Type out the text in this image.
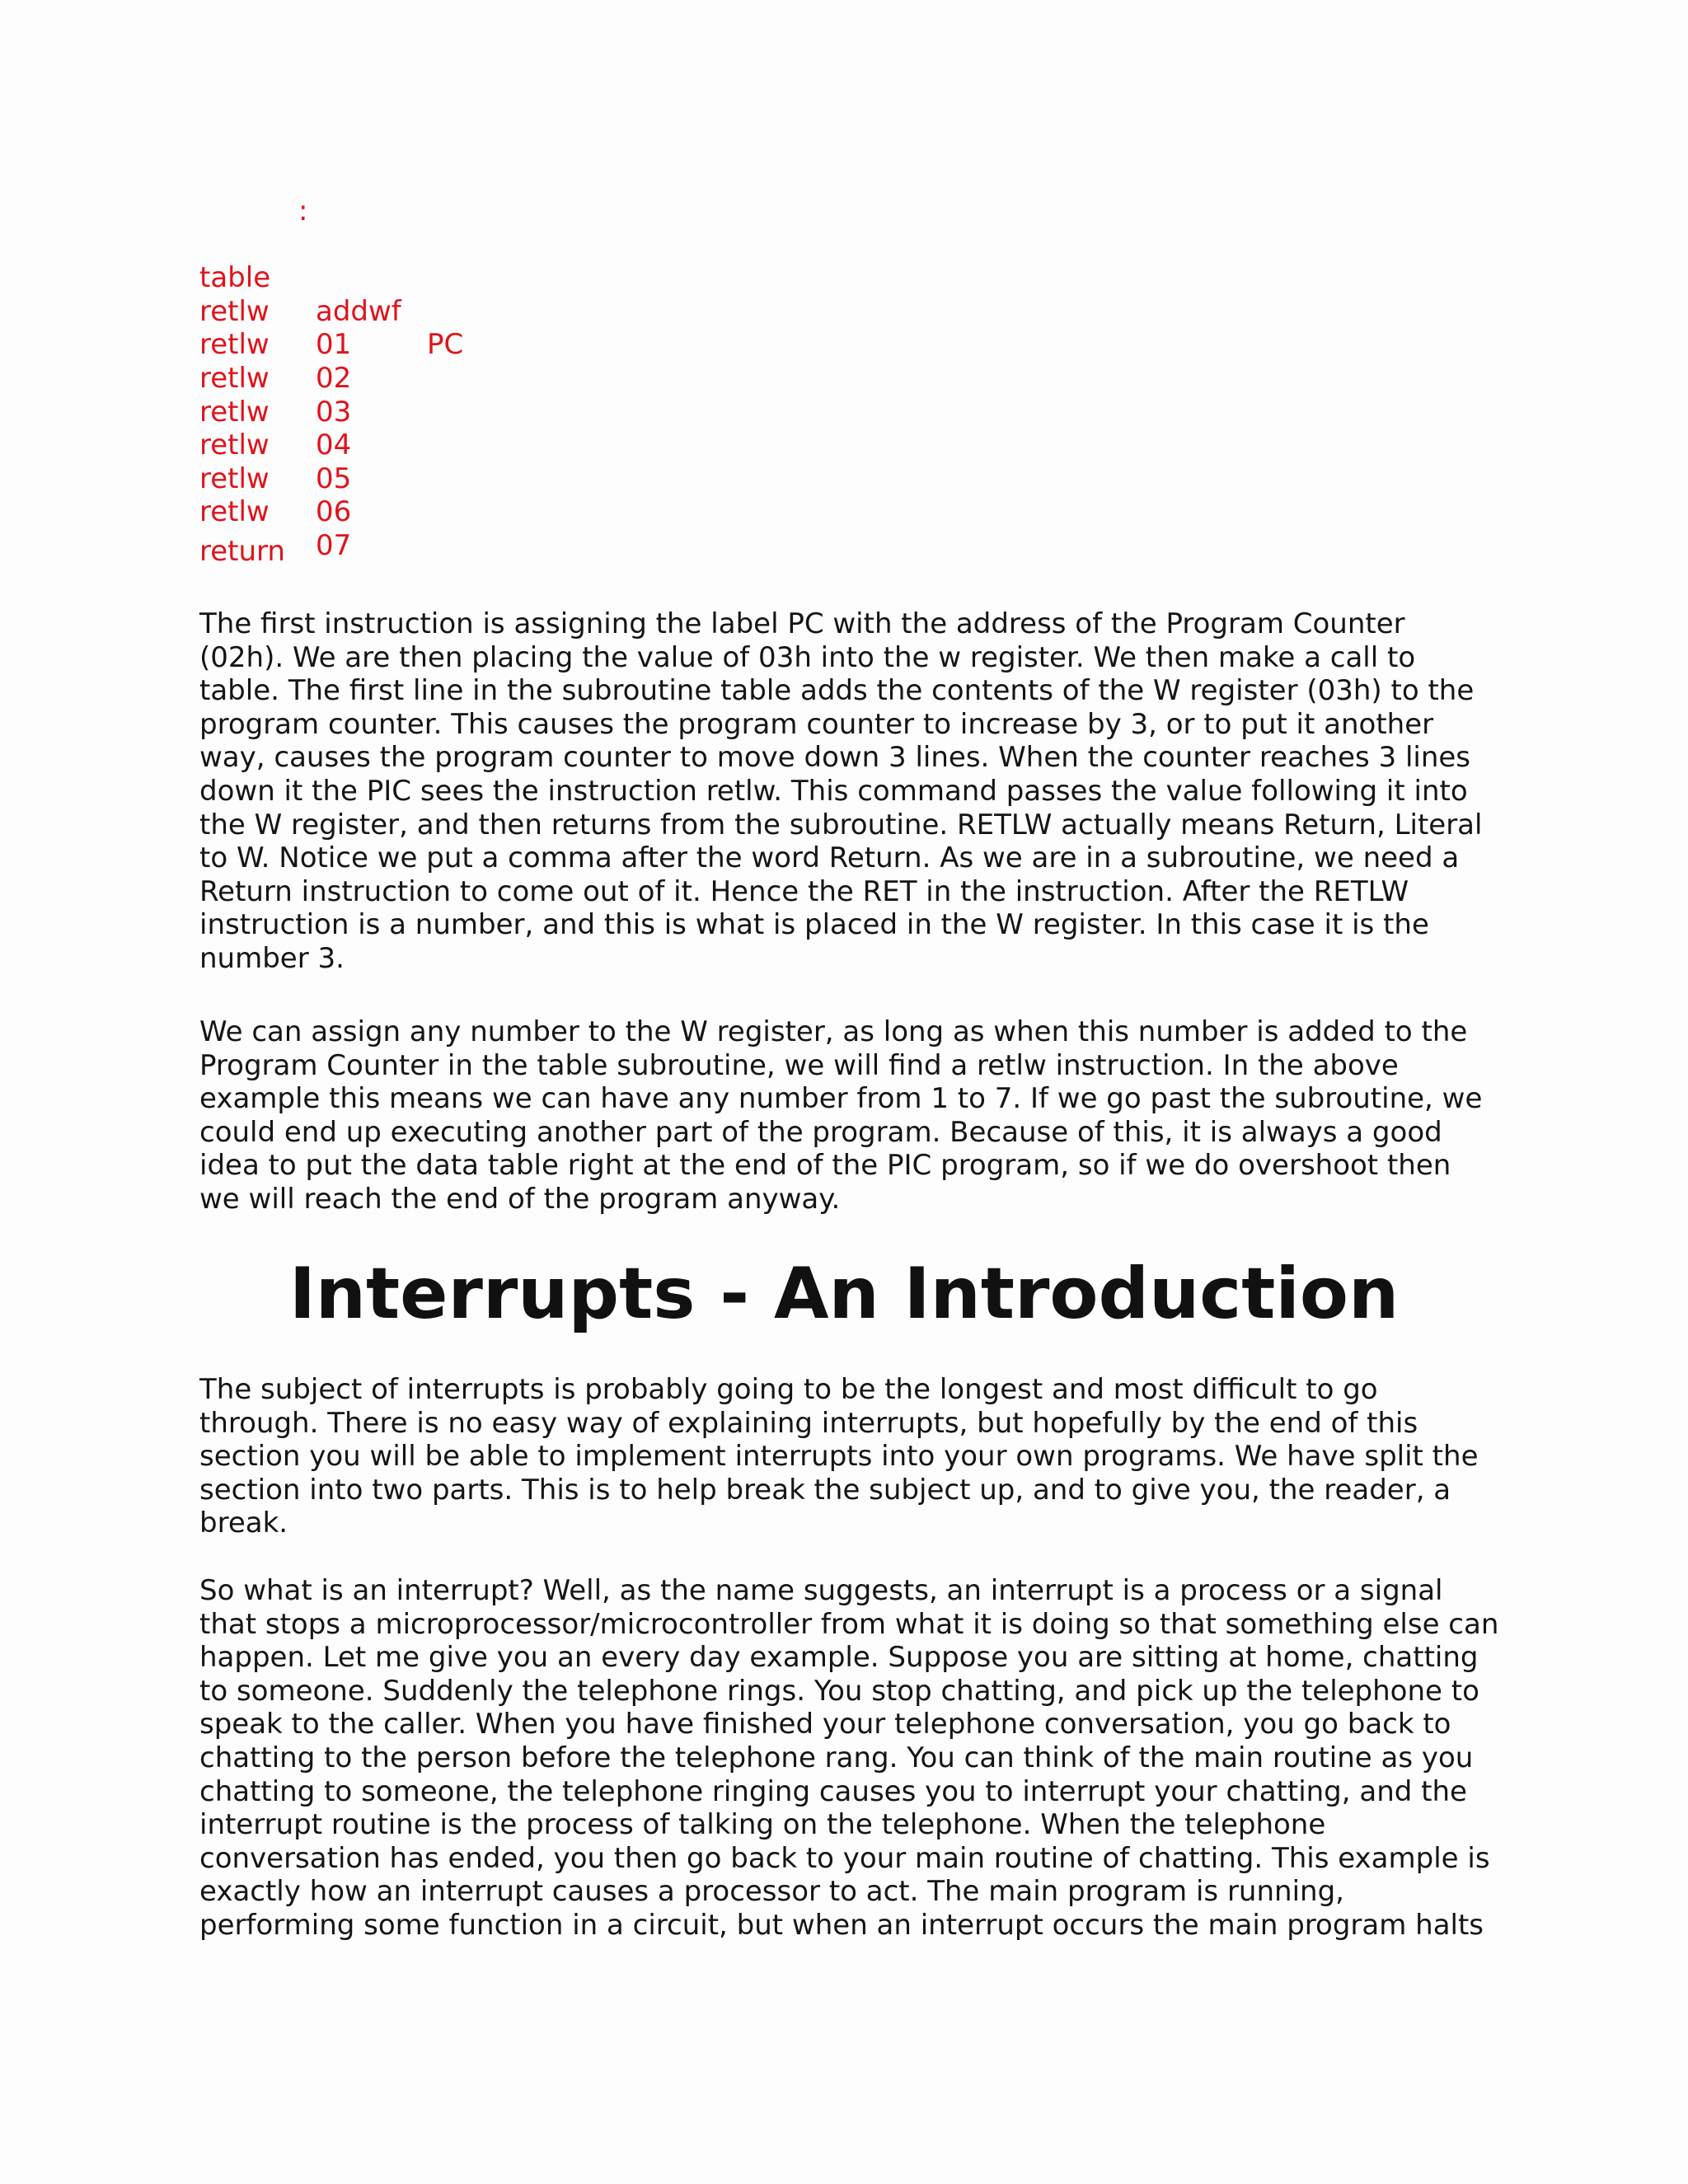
:

table

addwf

PC

retlw

01

retlw

02

retlw

03

retlw

04

retlw

05

retlw

06

retlw

07

return

The first instruction is assigning the label PC with the address of the Program Counter
(02h). We are then placing the value of 03h into the w register. We then make a call to
table. The first line in the subroutine table adds the contents of the W register (03h) to the
program counter. This causes the program counter to increase by 3, or to put it another
way, causes the program counter to move down 3 lines. When the counter reaches 3 lines
down it the PIC sees the instruction retlw. This command passes the value following it into
the W register, and then returns from the subroutine. RETLW actually means Return, Literal
to W. Notice we put a comma after the word Return. As we are in a subroutine, we need a
Return instruction to come out of it. Hence the RET in the instruction. After the RETLW
instruction is a number, and this is what is placed in the W register. In this case it is the
number 3.

We can assign any number to the W register, as long as when this number is added to the
Program Counter in the table subroutine, we will find a retlw instruction. In the above
example this means we can have any number from 1 to 7. If we go past the subroutine, we
could end up executing another part of the program. Because of this, it is always a good
idea to put the data table right at the end of the PIC program, so if we do overshoot then
we will reach the end of the program anyway.

Interrupts - An Introduction

The subject of interrupts is probably going to be the longest and most difficult to go
through. There is no easy way of explaining interrupts, but hopefully by the end of this
section you will be able to implement interrupts into your own programs. We have split the
section into two parts. This is to help break the subject up, and to give you, the reader, a
break.

So what is an interrupt? Well, as the name suggests, an interrupt is a process or a signal
that stops a microprocessor/microcontroller from what it is doing so that something else can
happen. Let me give you an every day example. Suppose you are sitting at home, chatting
to someone. Suddenly the telephone rings. You stop chatting, and pick up the telephone to
speak to the caller. When you have finished your telephone conversation, you go back to
chatting to the person before the telephone rang. You can think of the main routine as you
chatting to someone, the telephone ringing causes you to interrupt your chatting, and the
interrupt routine is the process of talking on the telephone. When the telephone
conversation has ended, you then go back to your main routine of chatting. This example is
exactly how an interrupt causes a processor to act. The main program is running,
performing some function in a circuit, but when an interrupt occurs the main program halts
